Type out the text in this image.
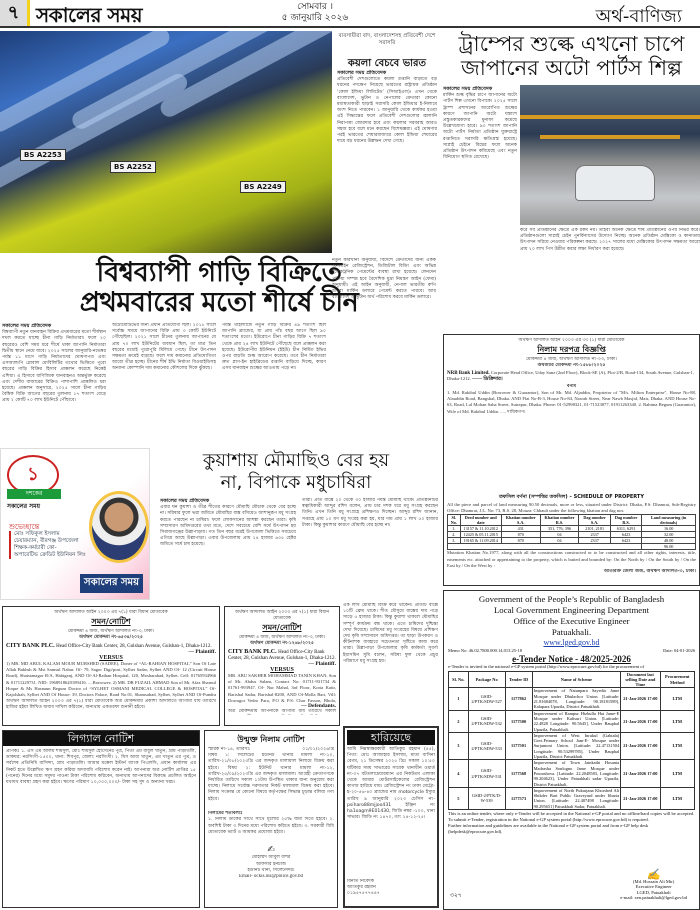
৭ সকালের সময়	সোমবার ।
৫ জানুয়ারি ২০২৬	অর্থ-বাণিজ্য
BS A2253
BS A2252
BS A2249
ব্যবসায়ীরা বাদ, বাংলাদেশসহ প্রতিবেশী দেশে সরাসরি
কয়লা বেচবে ভারত

সকালের সময় প্রতিবেদক

প্রতিবেশী দেশগুলোতে কয়লা রপ্তানি বাড়াতে বড় ধরনের পদক্ষেপ নিয়েছে ভারতের রাষ্ট্রায়ত্ত প্রতিষ্ঠান ‘কোল ইন্ডিয়া লিমিটেড’ (সিআইএল)। এখন থেকে বাংলাদেশ, ভুটান ও নেপালের ক্রেতারা কোনো মধ্যস্থতাকারী ছাড়াই সরাসরি কোল ইন্ডিয়ার ই-নিলামে অংশ নিতে পারবেন। ১ জানুয়ারি থেকে কার্যকর হওয়া এই সিদ্ধান্তের ফলে প্রতিবেশী দেশগুলোর জ্বালানি নিরাপত্তা জোরদার হবে এবং কয়লার সরবরাহ আরও সহজ হবে বলে মনে করছেন বিশেষজ্ঞরা। এই ঘোষণার পরই ভারতের শেয়ারবাজারে কোল ইন্ডিয়া শেয়ারের দামে বড় ধরনের উল্লম্ফন দেখা গেছে।

বিশ্বব্যাপী গাড়ি বিক্রিতে
প্রথমবারের মতো শীর্ষে চীন

সকালের সময় প্রতিবেদক

বিশ্বব্যাপী নতুন যানবাহন বিক্রির প্রথমবারের মতো শীর্ষস্থান দখল করতে যাচ্ছে চীনা গাড়ি নির্মাতারা। ফলে ২০ বছরেরও বেশি সময় ধরে শীর্ষে থাকা জাপানি নির্মাতারা দ্বিতীয় স্থানে নেমে যাবে। ২০২৫ সালের জানুয়ারি-নভেম্বর পর্যন্ত ১১ মাসে গাড়ি নির্মাতাদের ঘোষণাপত্র এবং এসঅ্যান্ডপি গ্লোবাল মোবিলিটির তথ্যের ভিত্তিতে পুরো বছরের গাড়ি বিক্রির হিসাব প্রাক্কলন করেছে নিক্কেই এশিয়া। এ হিসাবে বাণিজ্যিক যানবাহনও অন্তর্ভুক্ত করেছে এবং দেশীয় বাজারের বিক্রিও পাশাপাশি প্রাক্কলিত ধরা হয়েছে। প্রাক্কলন অনুসারে, ২০২৫ সালে চীনা গাড়ির বৈশ্বিক বিক্রি আগের বছরের তুলনায় ১৭ শতাংশ বেড়ে প্রায় ২ কোটি ৭০ লাখ ইউনিটে পৌঁছাবে।

অটোমোটিভের জন্য প্রধান প্রতিযোগী ছিল। ২০১৮ সালে সর্বোচ্চ সময়ে জাপানের বিক্রি প্রায় ৩ কোটি ইউনিটে পৌঁছেছিল। ২০২১ সালে চীনের তুলনায় জাপানের যে প্রায় ৭০ লাখ ইউনিটের ব্যবধান ছিল, তা মাত্র তিন বছরের মধ্যেই পুরোপুরি মিলিয়ে গেছে। চীনে উৎপাদন সক্ষমতা ক্রমেই বাড়ছে। ফলে দাম কমানোর প্রতিযোগিতা আরো তীব্র হচ্ছে। চীনের শীর্ষ ইভি নির্মাতা বিওয়াইডিসহ অন্যান্য কোম্পানি দাম কমানোর কৌশলের দিকে ঝুঁকছে।

পর্যন্ত থাইল্যান্ডে নতুন গাড়ি বিক্রির ৪৯ শতাংশ ছিল জাপানি ব্র্যান্ডের, যা প্রায় পাঁচ বছর আগে ছিল ৯০ শতাংশের মতো। ইউরোপে চীনা গাড়ির বিক্রি ৭ শতাংশ থেকে প্রায় ২৪ লাখ ইউনিটে পৌঁছেছে বলে প্রাক্কলন করা হয়েছে। ইউরোপীয় ইউনিয়ন (ইইউ) চীন নির্মিত ইভির ওপর বাড়তি শুল্ক আরোপ করেছে। তবে চীন নির্মাতারা দ্রুত প্লাগ-ইন হাইব্রিডের রপ্তানি বাড়িয়ে দিচ্ছে, কারণ এসব যানবাহন শুল্কের আওতায় পড়ে না।

নতুন কারখানা অনুযায়ী, বিদেশে ক্রেতাদের জন্য একক অনলাইন রেজিস্ট্রেশন, ডিজিটাল বিডিং এবং অভিন্ন ইলেকট্রনিক পেমেন্টের ব্যবস্থা রাখা হয়েছে। লেনদেন প্রক্রিয়া সম্পন্ন হবে বৈদেশিক মুদ্রা নিয়ন্ত্রণ আইন (ফেমা) অনুযায়ী। এই আইন অনুযায়ী, নেপাল ভারতীয় রুপি অথবা মার্কিন ডলারে পেমেন্ট করতে পারবে। আর বাংলাদেশ ও ভুটান অর্থ পরিশোধ করবে মার্কিন ডলারে।

ট্রাম্পের শুল্কে এখনো চাপে
জাপানের অটো পার্টস শিল্প

সকালের সময় প্রতিবেদক

মার্কিন শুল্ক বৃদ্ধির চাপে জাপানের অটো পার্টস শিল্প এখনো বিপাকে। ২০২৫ সালে ট্রাম্প প্রশাসনের আরোপিত শুল্কের কারণে জাপানি অটো যন্ত্রাংশ প্রস্তুতকারকদের মুনাফা কমেছে উল্লেখযোগ্য হারে। ৯০ শতাংশ জাপানি অটো পার্টস নির্মাতা প্রতিষ্ঠান যুক্তরাষ্ট্রে রপ্তানিতে সরাসরি ক্ষতিগ্রস্ত হয়েছে। সাপ্লাই চেইনে বিঘ্নের ফলে অনেক প্রতিষ্ঠান উৎপাদন কমিয়েছে এবং নতুন বিনিয়োগ স্থগিত রেখেছে।

করে সব প্রতিষ্ঠানের ক্ষেত্রে এক রকম নয়। তাইবা অনেক ক্ষেত্রে শীর্ষ প্রতিষ্ঠানের ওপর নির্ভর করে। প্রতিষ্ঠানগুলো সাপ্লাই চেইন পুনর্বিন্যাসের উদ্যোগ নিচ্ছে। অনেক প্রতিষ্ঠান মেক্সিকো ও কানাডায় উৎপাদন সরিয়ে নেওয়ার পরিকল্পনা করছে। ২০২৭ সালের মধ্যে মেক্সিকোর উৎপাদন সক্ষমতা আরো প্রায় ২০ লাখ পিস উন্নীত করার লক্ষ্য নির্ধারণ করা হয়েছে।

অর্থঋণ আদালত আইন ২০০৩ এর ৩৩ (১) ধারা মোতাবেক
নিলাম দরপত্র বিজ্ঞপ্তি
মোকদ্দমা ৪ জজ, অর্থঋণ আদালত নং-০৩, ঢাকা।
অর্থজারি মোকদ্দমা নং-১৫৮৮/২০২৫
NRB Bank Limited. Corporate Head Office, Uday Sanz (2nd Floor), Block-SE (A), Plot-2/B, Road-134, South Avenue, Gulshan-1, Dhaka-1212. —— ডিক্রিদার।
বনাম
1. Md. Rakibul Uddin (Borrower & Guarantor), Son of Mr. Md. Aljaddin, Proprietor of "M/s. Milton Enterprise", House No-88, Alauddin Road, Bangshal, Dhaka. AND Flat No-B-3, House No-84, Nawab Street, Near Nawb Masjid, Mair, Dhaka. AND House No-63, Road, Lal Mohan Saha Street, Sutrapur, Dhaka. Phone: 01-52998321, 01-71523877, 01911263340. 2. Rahima Begum (Guarantor), Wife of Md. Rakibul Uddin. ..... দায়িকগণ।
তফসিল বর্ণনা (সম্পত্তির তফসিল) – SCHEDULE OF PROPERTY
All the piece and parcel of land measuring 90.50 decimals, more or less, situated under District: Dhaka, P.S: Dhamrai, Sub-Registry Office: Dhamrai, J.L. No: 73, R.S. 28, Mouza: Chhauli under the following khatian and dag nos.
Sl. No.	Deed number and date	Khatian number S.A.	Khatian number R.S.	Dag number S.A.	Dag number R.S.	Land measuring (in decimals)
1.	13157 & 11.10.2012	431	351, 776, 396	2101, 2181	6311, 6291	16.00
2.	12425 & 05.11.2015	870	04	2337	6423	32.00
3.	19165 & 11.09.2014	870	04	2337	6423	48.00
	96.00
Mutation Khatian No.1977, along with all the constructions constructed or to be constructed and all other rights, interests, title, easements etc. attached or appertaining to the property, which is butted and bounded by: On the North by / On the South by / On the East by / On the West by :
অতিরিক্ত জেলা জজ, অর্থঋণ আদালত-৩, ঢাকা।
১
দশকের
সকালের সময়
শুভেচ্ছান্তে
মোঃ সফিকুল ইসলাম
চেয়ারম্যান, বীরগঞ্জ উপজেলা শিক্ষক-কর্মচারী কো-
অপারেটিভ ক্রেডিট ইউনিয়ন লিঃ
সকালের সময়
কুয়াশায় মৌমাছিও বের হয়
না, বিপাকে মধুচাষিরা

সকালের সময় প্রতিবেদক

এবার ঘন কুয়াশা ও তীব্র শীতের কারণে মৌমাছি মৌচাক থেকে বের হচ্ছে না। সরিষার ফুলে ভরা জমিতে মৌমাছির বাক্স বসিয়েও আশানুরূপ মধু সংগ্রহ করতে পারছেন না চাষিরা। ফলে লোকসানের আশঙ্কা করছেন তারা। কৃষি সম্প্রসারণ অধিদপ্তরের তথ্য মতে, দেশে সবচেয়ে বেশি সর্ষে উৎপাদন হয় সিরাজগঞ্জের উল্লাপাড়ায়। গত তিন বছর ধরেই উপজেলা ভিত্তিতে সবচেয়ে এগিয়ে আছে উল্লাপাড়া। এবার উপজেলায় প্রায় ২৪ হাজার ৬০৫ হেক্টর জমিতে সর্ষে চাষ হয়েছে।

তারা। প্রতি বাক্সে ২০ থেকে ৩০ হাজার পর্যন্ত মৌমাছি থাকে। প্রতিষ্ঠানটির স্বত্বাধিকারী আব্দুর রশিদ বলেন, প্রায় চার দশক ধরে মধু সংগ্রহ করছেন তিনি। এখন তিনি মধু সংগ্রহে প্রশিক্ষণও দিচ্ছেন। আব্দুর রশিদ জানান, সপ্তাহে প্রায় ১০ মণ মধু সংগ্রহ করা হয়, যার দাম প্রায় ১ লাখ ৫০ হাজার টাকা। কিন্তু কুয়াশার কারণে মৌমাছি বের হচ্ছে না।

এক লাখ মৌমাছি বিক্রি করে থাকেন। প্রতিটি বাক্সে ১০টি ফ্রেম থাকে। শীত মৌসুমে বাক্সের দাম পড়ে সাড়ে ৫ হাজার টাকা। কিন্তু কুয়াশা থাকলে মৌমাছির সম্পূর্ণ কার্যক্রম বন্ধ থাকে। এতে চাষিদের দুশ্চিন্তা দেখা দিয়েছে। চাষিদের মধু সংগ্রহের বিষয়ে প্রশিক্ষণ দেয় কৃষি সম্প্রসারণ অধিদপ্তর। তা ছাড়া উপকরণ ও কীটনাশক ব্যবহারে সচেতনতা সৃষ্টিতে কাজ করে তারা। উল্লাপাড়া উপজেলার কৃষি কর্মকর্তা সুবর্ণা ইয়াসমিন সুমি বলেন, সরিষা ফুল থেকে প্রচুর পরিমাণে মধু সংগ্রহ হয়।

অর্থঋণ আদালত আইন ২০০৩ এর ৭(১) ধারা বিধান মোতাবেক
সমন/নোটিশ
মোকদ্দমা ৪ জজ, অর্থঋণ আদালত নং-৩, ঢাকা।
অর্থঋণ মোকদ্দমা নং-৬৫৩৪/২০২৫
CITY BANK PLC. Head Office-City Bank Center, 28, Gulshan Avenue, Gulshan-1, Dhaka-1212.
— Plaintiff.
VERSUS
1) MR. MD ABUL KALAM MOUR MURSHED (SADEE), Doner of “AL-RAHIAN HOSPITAL” Son Of Late Allah Bakhsh & Mst Samsul Nahar. Of- 79, Sagor Digi/post, Sylhet Sadar, Sylhet AND Of- 12 (Circuit House Road), Shaistanagor R/A, Habiganj, AND Of-Al-Raihan Hospital, 120, Mosharabad, Sylhet. Cell: 01765934966 & 01711229731. NID: 1968918620189416. ....Borrower; 2) MR. DR FUZAIL AHMAD Son of Mr. Afaz Sharnul Hoque & Ms Hasnaun Begum Doctor of “SYLHET OSMANI MEDICAL COLLEGE & HOSPITAL” Of-Kajolshah, Sylhet AND Of House: 39, Doctors Palace, Road No.01, Shamsabad, Sylhet, Sylhet AND Of-Pundra
অর্থঋণ আদালত আইন ২০০৩ এর ৭(১) ধারা মোতাবেক অত্র মোকদ্দমায় প্রকাশ্য আদালতে আগামী ধার্য তারিখে হাজির হইয়া লিখিত জবাব দাখিল করিবেন, অন্যথায় একতরফা শুনানী হইবে।
অর্থঋণ আদালত আইন ২০০৩ এর ৭(১) ধারা বিধান মোতাবেক
সমন/নোটিশ
মোকদ্দমা ৪ জজ, অর্থঋণ আদালত নং-৩, ঢাকা।
অর্থঋণ মোকদ্দমা নং-১২৬৮/২০২৫
CITY BANK PLC. Head Office-City Bank Center, 28, Gulshan Avenue, Gulshan-1, Dhaka-1212.
— Plaintiff.
VERSUS
MR. ABU SAKHER MOHAMMAD TANIN KHAN, Son of Mr. Abdus Salam, Contact No: 01711-931734 & 01761-993947. Of- Nur Mahal, 3rd Floor, Koria Katir, Barishal Sadar, Barishal-8200, AND Of-Molla Bari, Vill: Dowagor Vedro Para, P.O & P.S: Char Fasson, Bhola,
— Defendants.
অত্র মোকদ্দমায় আপনাকে আগামী ধার্য তারিখে সকাল
লিগ্যাল নোটিশ
প্রাপকঃ ১. এস এম আলম শামসুল, মোঃ শামসুল হোসেনের পুত্র, পিতা এম বাবুল খাতুন, গ্রাম পাড়াতলি, ডাকঘর: নরসিংদী-১৫০০, থানা: শিবপুর, জেলা: নরসিংদী। ২. মিস আবা খাতুন, এম খাতুন এর পুত্র, ও সর্বশেষ প্রতিনিধি বাসিন্দা, গ্রাম পাড়াতলি। আমার মক্কেল ইস্টার্ন ব্যাংক পিএলসি, প্রধান কার্যালয় এর নিকট হতে উল্লেখিত ঋণ গ্রহণ করিয়া অদ্যাবধি পরিশোধ করেন নাই। আপনারা অত্র নোটিশ প্রাপ্তির ১৫ (পনের) দিনের মধ্যে সমুদয় পাওনা টাকা পরিশোধ করিবেন, অন্যথায় আপনাদের বিরুদ্ধে প্রচলিত আইনে যথাযথ ব্যবস্থা গ্রহণ করা হইবে। ঋণের পরিমাণ ১০,০০০,০০০/- টাকা সহ সুদ ও অন্যান্য খরচ।
উন্মুক্ত নিলাম নোটিশ
স্মারক নং-১৪, তারিখঃ	০১/০১/২০২৬খ্রি
বিষয় ১: সিলেটের ইউনিট থানার মামলা নং-১০, তারিখ-২১/০৮/২০২৩খ্রি এর জব্দকৃত মালামাল নিলামে বিক্রয় করা হইবে। বিষয় ২: ইউনিট থানার মামলা নং-১২, তারিখ-২৫/০৯/২০২৩খ্রি এর জব্দকৃত মালামাল। আগ্রহী ক্রেতাগণকে নির্ধারিত তারিখে সকাল ১০টায় উপস্থিত থাকার জন্য অনুরোধ করা যাচ্ছে। নিলামে সর্বোচ্চ দরদাতার নিকট মালামাল বিক্রয় করা হইবে। নিলাম সংক্রান্ত যে কোনো বিষয়ে কর্তৃপক্ষের সিদ্ধান্ত চূড়ান্ত বলিয়া গণ্য হইবে।
নিলামের শর্তাবলীঃ
১. নিলাম ডাকের সাথে সাথে মূল্যের ২৫% জমা দিতে হইবে। ২. অবশিষ্ট টাকা ৩ দিনের মধ্যে পরিশোধ করিতে হইবে। ৩. সরকারী বিধি মোতাবেক ভ্যাট ও আয়কর প্রযোজ্য হইবে।
✍
মোহাম্মদ আবুল বশির
অফিসার ইনচার্জ
ইউনিট থানা, সিলেটসদর।
Email- ockis.ins@police.gov.bd
হারিয়েছে
আমি নিম্নস্বাক্ষরকারী আতিকুর রহমান (৪৫), পিতা: মোঃ আজাহার ইসলাম, মাতা বাসিনা বেগম, ২১ ডিসেম্বর ২০২৫ খ্রিঃ সকাল ১০:৫০ ঘটিকার সময় সাভারের সাবেক থানাধীন ওয়ার্ড নং-০৭ বটতলাচেয়ারম্যান এর নিকটতম এলাকা থেকে আমার মোটরসাইকেলের রেজিস্ট্রেশন কাগজ হারিয়ে যায়। রেজিস্ট্রেশন নং ঢাকা মেট্রো-হ-২০-৫৬-৪০ ব্র্যান্ডের নাম motorcycle ইস্যুর তারিখ ৯ জানুয়ারি ২০২৩ চেসিস নং- psiharo88mjjoo431 ইঞ্জিন নং ha1oagm9E01430, জিডি নম্বর -১০০, থানা সাভার। জিডি নং ১৪৭০, তাং ২৪-১২-২৫।
বিনীত নিবেদক
আতিকুর রহমান
০১৯৫৭৫৭৭৪৪৭
Government of the People’s Republic of Bangladesh
Local Government Engineering Department
Office of the Executive Engineer
Patuakhali.
www.lged.gov.bd
Memo No: 46.02.7800.000.14.013.25-18	Date: 04-01-2026
e-Tender Notice - 48/2025-2026
e-Tender is invited in the national e-GP system portal (http://www.eprocure.gov.bd) for the procurement of
Sl. No.	Package No	Tender ID	Name of Scheme	Document last selling Date and Time	Procurement Method
1	GSID-2/PTK/SDW-527	1177862	Improvement of Natunpara Sayedia Jame Mosque under Dhulachor Union. [Latitude: 21.81684078, Longitude: 90.18181589], Kalapara Upazila, District Patuakhali.	21-Jan-2026 17:00	LTM
2	GSID-2/PTK/SDW-532	1177500	Improvement of Rampur Hizbulla Hat Jame-E Mosque under Kalisuri Union. [Latitude: 22.4828 Longitude: 90.5645], Under Bauphal Upazila, Patuakhali.	21-Jan-2026 17:00	LTM
3	GSID-2/PTK/SDW-533	1177501	Improvement of West Inrukul (Gabtala) Govt.Primary School Jam-E- Mosque under Surjamoni Union. [Latitude: 22.47131504 Longitude: 90.53299785], Under Bauphal Upazila, District Patuakhali.	21-Jan-2026 17:00	LTM
4	GSID-2/PTK/SDW-531	1177568	Improvement of Town Jainkathi Hosania Madrasha Sonlogno Jame Mosque under Pourashova. [Latitude: 22.2048583, Longitude: 90.204623], Under Patuakhali sadar Upazila, District Patuakhali.	21-Jan-2026 17:00	LTM
5	GSID-2/PTK/D-W-539	1177573	Improvement of North Pukurjana Khorshed Ali Shikder Bari Public Graveyard under Itbaria Union. [Latitude: 22.407498 Longitude: 90.295651] Patuakhali Sadar, Patuakhali.	21-Jan-2026 17:00	LTM
This is an online tender, where only e-Tender will be accepted in the National e-GP portal and no offline/hard copies will be accepted. To submit e-Tender, registration in the National e-GP system portal (http://www.eprocure.gov.bd) is required.
Further information and guidelines are available in the National e-GP system portal and from e-GP help desk (helpdesk@eprocure.gov.bd).
৩২৭
✍
(Md. Hossain Ali Mir)
Executive Engineer
LGED, Patuakhali
e-mail: xen.patuakhali@lged.gov.bd
